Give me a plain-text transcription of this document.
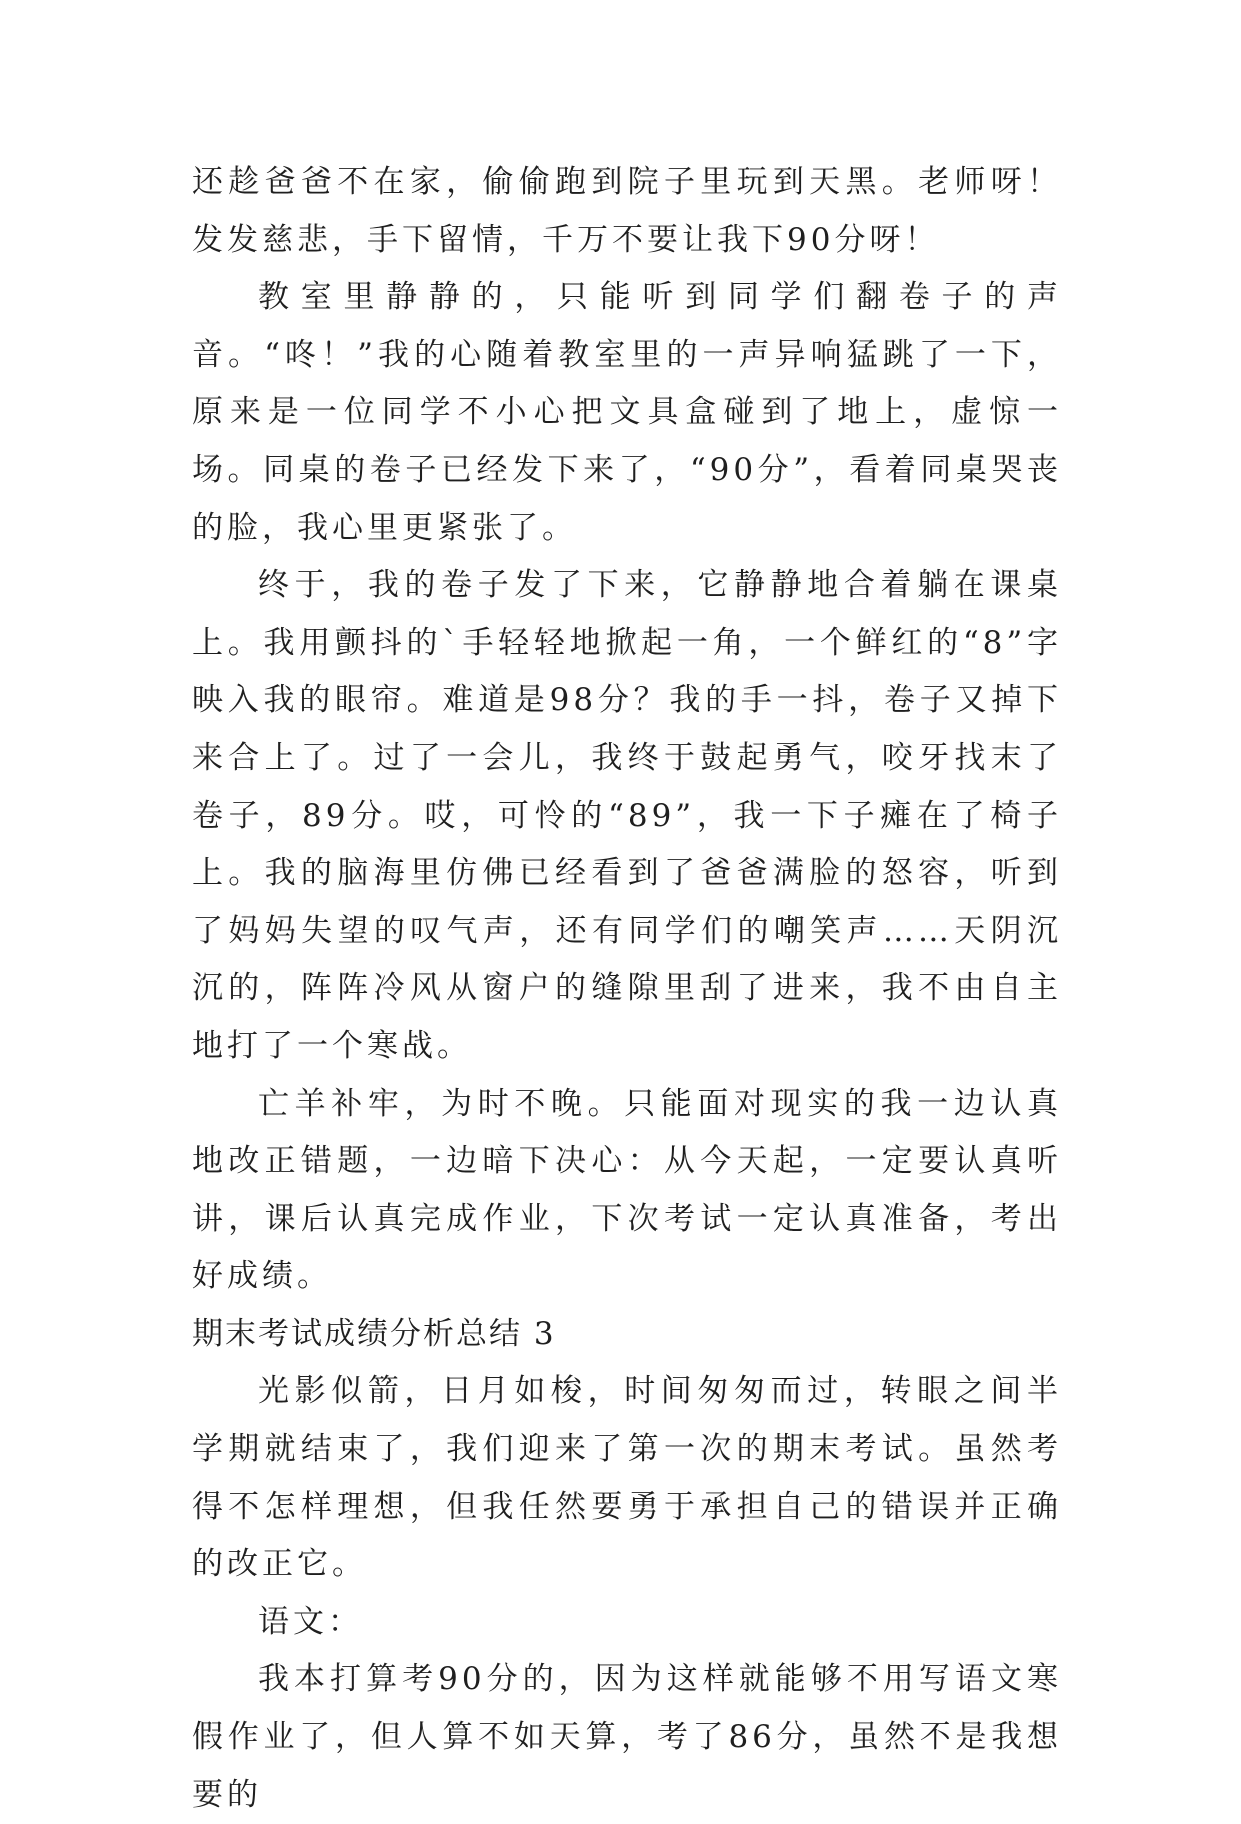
还趁爸爸不在家，偷偷跑到院子里玩到天黑。老师呀！发发慈悲，手下留情，千万不要让我下90分呀！

教室里静静的，只能听到同学们翻卷子的声音。“咚！”我的心随着教室里的一声异响猛跳了一下，原来是一位同学不小心把文具盒碰到了地上，虚惊一场。同桌的卷子已经发下来了，“90分”，看着同桌哭丧的脸，我心里更紧张了。

终于，我的卷子发了下来，它静静地合着躺在课桌上。我用颤抖的`手轻轻地掀起一角，一个鲜红的“8”字映入我的眼帘。难道是98分？我的手一抖，卷子又掉下来合上了。过了一会儿，我终于鼓起勇气，咬牙找末了卷子，89分。哎，可怜的“89”，我一下子瘫在了椅子上。我的脑海里仿佛已经看到了爸爸满脸的怒容，听到了妈妈失望的叹气声，还有同学们的嘲笑声……天阴沉沉的，阵阵冷风从窗户的缝隙里刮了进来，我不由自主地打了一个寒战。

亡羊补牢，为时不晚。只能面对现实的我一边认真地改正错题，一边暗下决心：从今天起，一定要认真听讲，课后认真完成作业，下次考试一定认真准备，考出好成绩。

期末考试成绩分析总结 3

光影似箭，日月如梭，时间匆匆而过，转眼之间半学期就结束了，我们迎来了第一次的期末考试。虽然考得不怎样理想，但我任然要勇于承担自己的错误并正确的改正它。

语文：

我本打算考90分的，因为这样就能够不用写语文寒假作业了，但人算不如天算，考了86分，虽然不是我想要的
